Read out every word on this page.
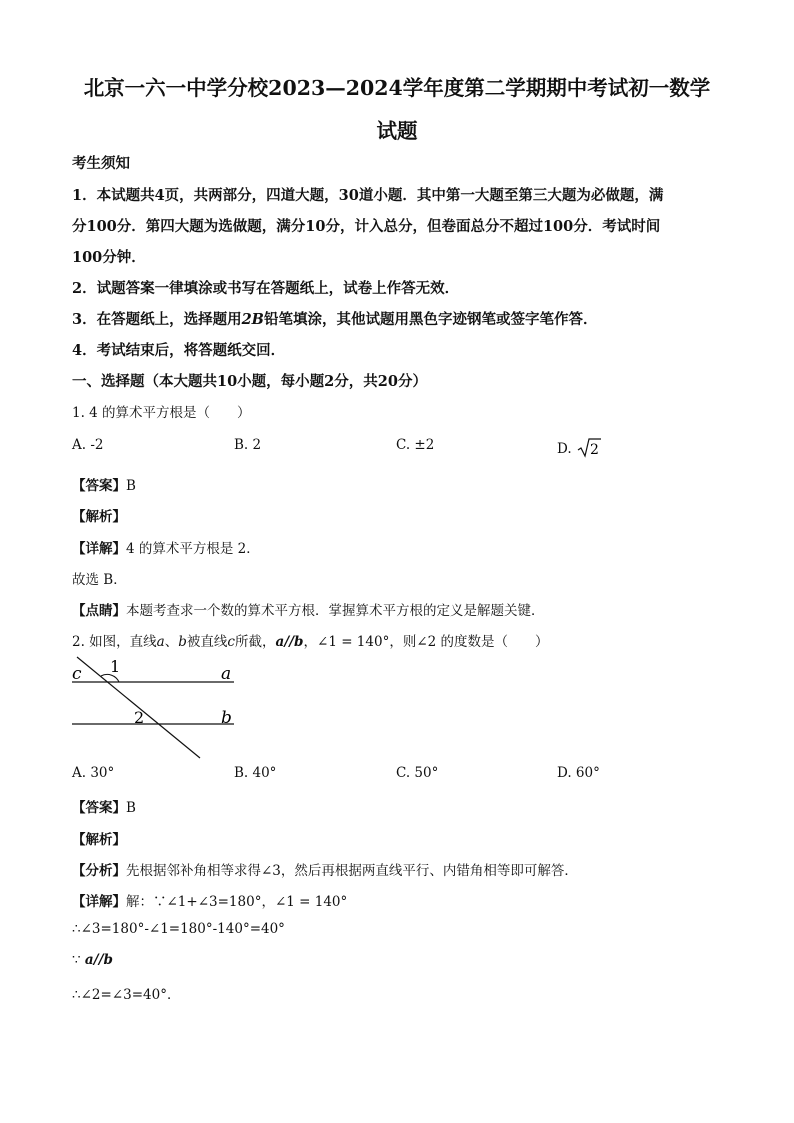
北京一六一中学分校2023—2024学年度第二学期期中考试初一数学
试题
考生须知
1．本试题共4页，共两部分，四道大题，30道小题．其中第一大题至第三大题为必做题，满
分100分．第四大题为选做题，满分10分，计入总分，但卷面总分不超过100分．考试时间
100分钟．
2．试题答案一律填涂或书写在答题纸上，试卷上作答无效．
3．在答题纸上，选择题用2B铅笔填涂，其他试题用黑色字迹钢笔或签字笔作答．
4．考试结束后，将答题纸交回．
一、选择题（本大题共10小题，每小题2分，共20分）
1. 4 的算术平方根是（　　）
A. -2	B. 2	C. ±2	D. 2
【答案】B
【解析】
【详解】4 的算术平方根是 2．
故选 B．
【点睛】本题考查求一个数的算术平方根．掌握算术平方根的定义是解题关键．
2. 如图，直线a、b被直线c所截，a//b，∠1 = 140°，则∠2 的度数是（　　）
c 1	a
2	b
A. 30°	B. 40°	C. 50°	D. 60°
【答案】B
【解析】
【分析】先根据邻补角相等求得∠3，然后再根据两直线平行、内错角相等即可解答．
【详解】解：∵∠1+∠3=180°，∠1 = 140°
∴∠3=180°-∠1=180°-140°=40°
∵ a//b
∴∠2=∠3=40°．
